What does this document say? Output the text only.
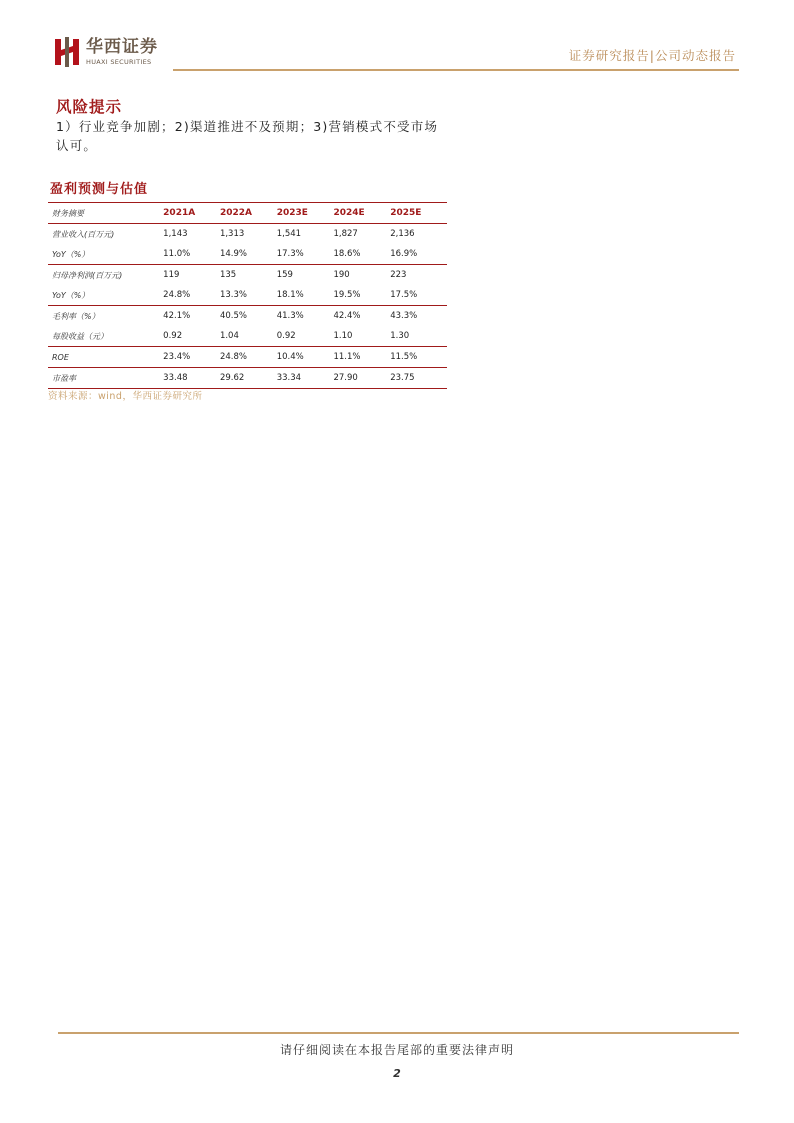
华西证券
HUAXI SECURITIES	证券研究报告|公司动态报告
风险提示
1）行业竞争加剧；2)渠道推进不及预期；3)营销模式不受市场认可。
盈利预测与估值
财务摘要	2021A	2022A	2023E	2024E	2025E
营业收入(百万元)	1,143	1,313	1,541	1,827	2,136
YoY（%）	11.0%	14.9%	17.3%	18.6%	16.9%
归母净利润(百万元)	119	135	159	190	223
YoY（%）	24.8%	13.3%	18.1%	19.5%	17.5%
毛利率（%）	42.1%	40.5%	41.3%	42.4%	43.3%
每股收益（元）	0.92	1.04	0.92	1.10	1.30
ROE	23.4%	24.8%	10.4%	11.1%	11.5%
市盈率	33.48	29.62	33.34	27.90	23.75
资料来源：wind，华西证券研究所
请仔细阅读在本报告尾部的重要法律声明
2
